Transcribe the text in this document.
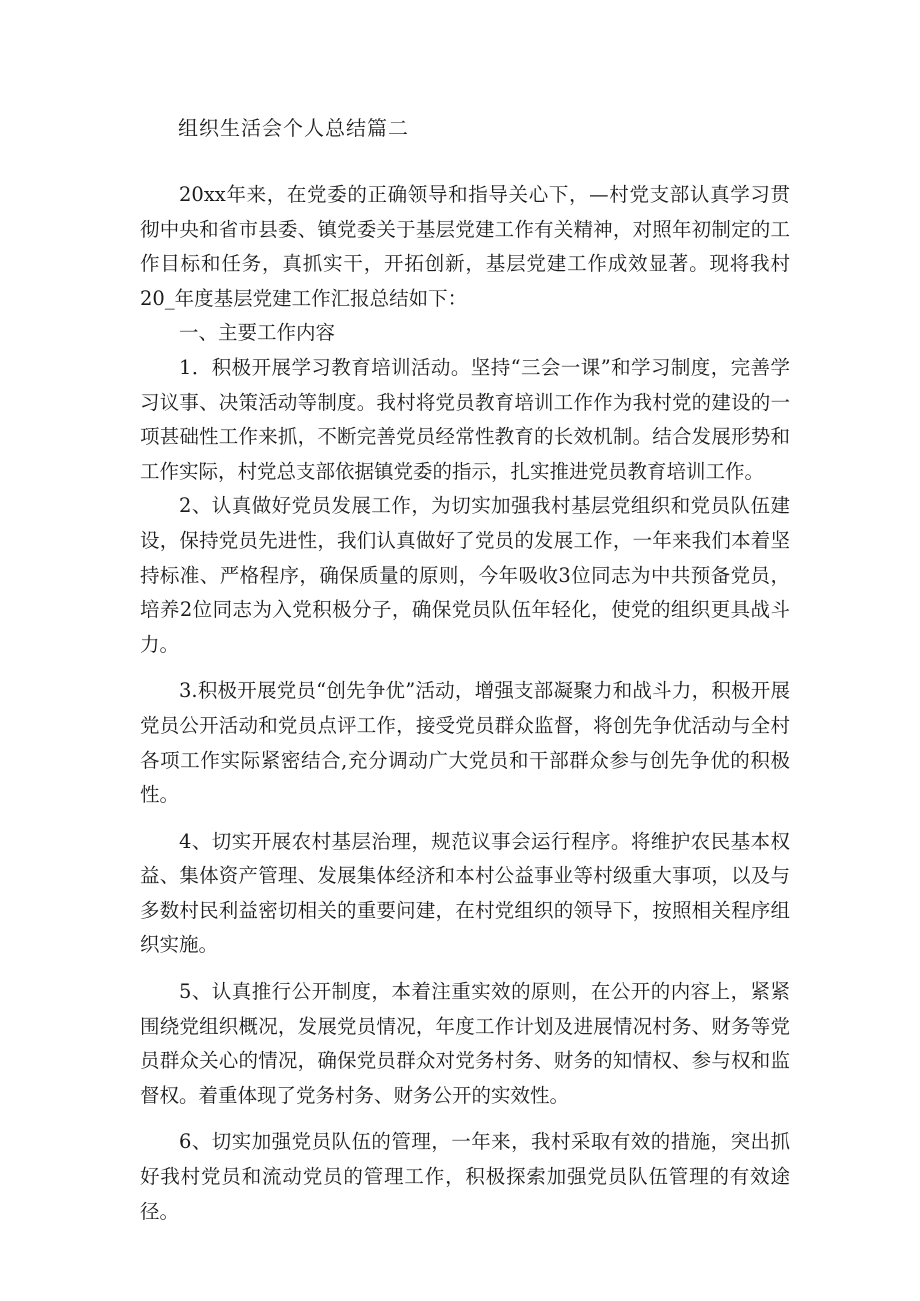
组织生活会个人总结篇二

20xx年来，在党委的正确领导和指导关心下，—村党支部认真学习贯彻中央和省市县委、镇党委关于基层党建工作有关精神，对照年初制定的工作目标和任务，真抓实干，开拓创新，基层党建工作成效显著。现将我村20_年度基层党建工作汇报总结如下：

一、主要工作内容

1．积极开展学习教育培训活动。坚持“三会一课”和学习制度，完善学习议事、决策活动等制度。我村将党员教育培训工作作为我村党的建设的一项甚础性工作来抓，不断完善党员经常性教育的长效机制。结合发展形势和工作实际，村党总支部依据镇党委的指示，扎实推进党员教育培训工作。

2、认真做好党员发展工作，为切实加强我村基层党组织和党员队伍建设，保持党员先进性，我们认真做好了党员的发展工作，一年来我们本着坚持标准、严格程序，确保质量的原则，今年吸收3位同志为中共预备党员，培养2位同志为入党积极分子，确保党员队伍年轻化，使党的组织更具战斗力。

3.积极开展党员“创先争优”活动，增强支部凝聚力和战斗力，积极开展党员公开活动和党员点评工作，接受党员群众监督，将创先争优活动与全村各项工作实际紧密结合,充分调动广大党员和干部群众参与创先争优的积极性。

4、切实开展农村基层治理，规范议事会运行程序。将维护农民基本权益、集体资产管理、发展集体经济和本村公益事业等村级重大事项，以及与多数村民利益密切相关的重要问建，在村党组织的领导下，按照相关程序组织实施。

5、认真推行公开制度，本着注重实效的原则，在公开的内容上，紧紧围绕党组织概况，发展党员情况，年度工作计划及进展情况村务、财务等党员群众关心的情况，确保党员群众对党务村务、财务的知情权、参与权和监督权。着重体现了党务村务、财务公开的实效性。

6、切实加强党员队伍的管理，一年来，我村采取有效的措施，突出抓好我村党员和流动党员的管理工作，积极探索加强党员队伍管理的有效途径。
